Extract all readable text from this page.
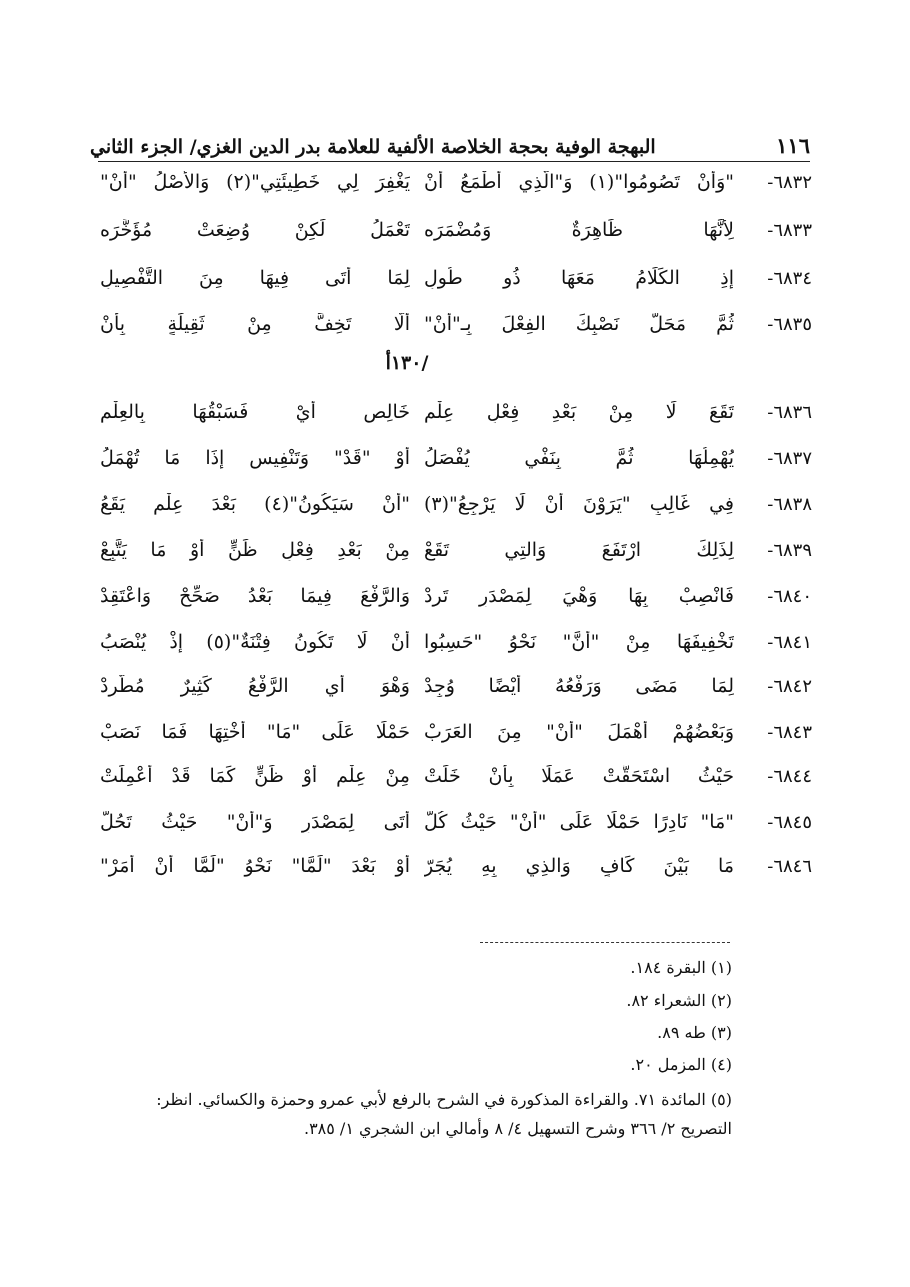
١١٦
البهجة الوفية بحجة الخلاصة الألفية للعلامة بدر الدين الغزي/ الجزء الثاني
٦٨٣٢-
"وَأَنْ تَصُومُوا"(١) وَ"الَّذِي أَطْمَعُ أَنْ
يَغْفِرَ لِي خَطِيئَتِي"(٢) وَالأَصْلُ "أَنْ"
٦٨٣٣-
لِأَنَّهَا ظَاهِرَةٌ وَمُضْمَرَه
تَعْمَلُ لَكِنْ وُضِعَتْ مُؤَخَّرَه
٦٨٣٤-
إِذِ الكَلَامُ مَعَهَا ذُو طُولِ
لِمَا أَتَى فِيهَا مِنَ التَّفْصِيلِ
٦٨٣٥-
ثُمَّ مَحَلُّ نَصْبِكَ الفِعْلَ بِـ"أَنْ"
أَلَّا تَخِفَّ مِنْ ثَقِيلَةٍ بِأَنْ
/١٣٠أ
٦٨٣٦-
تَقَعَ لَا مِنْ بَعْدِ فِعْلِ عِلْمِ
خَالِصٍ أَيْ فَسَبْقُهَا بِالعِلْمِ
٦٨٣٧-
يُهْمِلُهَا ثُمَّ بِنَفْيٍ يُفْصَلُ
أَوْ "قَدْ" وَتَنْفِيسٍ إِذَا مَا تُهْمَلُ
٦٨٣٨-
فِي غَالِبٍ "يَرَوْنَ أَنْ لَا يَرْجِعُ"(٣)
"أَنْ سَيَكُونُ"(٤) بَعْدَ عِلْمٍ يَقَعُ
٦٨٣٩-
لِذَلِكَ ارْتَفَعَ وَالتِي تَقَعْ
مِنْ بَعْدِ فِعْلِ ظَنٍّ أَوْ مَا يَتَّبِعْ
٦٨٤٠-
فَانْصِبْ بِهَا وَهْيَ لِمَصْدَرٍ تَرِدْ
وَالرَّفْعَ فِيمَا بَعْدُ صَحِّحْ وَاعْتَقِدْ
٦٨٤١-
تَخْفِيفَهَا مِنْ "أَنَّ" نَحْوُ "حَسِبُوا
أَنْ لَا تَكُونُ فِتْنَةٌ"(٥) إِذْ يُنْصَبُ
٦٨٤٢-
لِمَا مَضَى وَرَفْعُهُ أَيْضًا وُجِدْ
وَهْوَ أَيِ الرَّفْعُ كَثِيرٌ مُطَّرِدْ
٦٨٤٣-
وَبَعْضُهُمْ أَهْمَلَ "أَنْ" مِنَ العَرَبْ
حَمْلًا عَلَى "مَا" أُخْتِهَا فَمَا نَصَبْ
٦٨٤٤-
حَيْثُ اسْتَحَقَّتْ عَمَلًا بِأَنْ خَلَتْ
مِنْ عِلْمٍ أَوْ ظَنٍّ كَمَا قَدْ أُعْمِلَتْ
٦٨٤٥-
"مَا" نَادِرًا حَمْلًا عَلَى "أَنْ" حَيْثُ كُلّ
أَتَى لِمَصْدَرٍ وَ"أَنْ" حَيْثُ تَحُلّ
٦٨٤٦-
مَا بَيْنَ كَافٍ وَالذِي بِهِ يُجَرّ
أَوْ بَعْدَ "لَمَّا" نَحْوُ "لَمَّا أَنْ أَمَرْ"
(١) البقرة ١٨٤.
(٢) الشعراء ٨٢.
(٣) طه ٨٩.
(٤) المزمل ٢٠.
(٥) المائدة ٧١. والقراءة المذكورة في الشرح بالرفع لأبي عمرو وحمزة والكسائي. انظر: التصريح ٢/ ٣٦٦ وشرح التسهيل ٤/ ٨ وأمالي ابن الشجري ١/ ٣٨٥.
